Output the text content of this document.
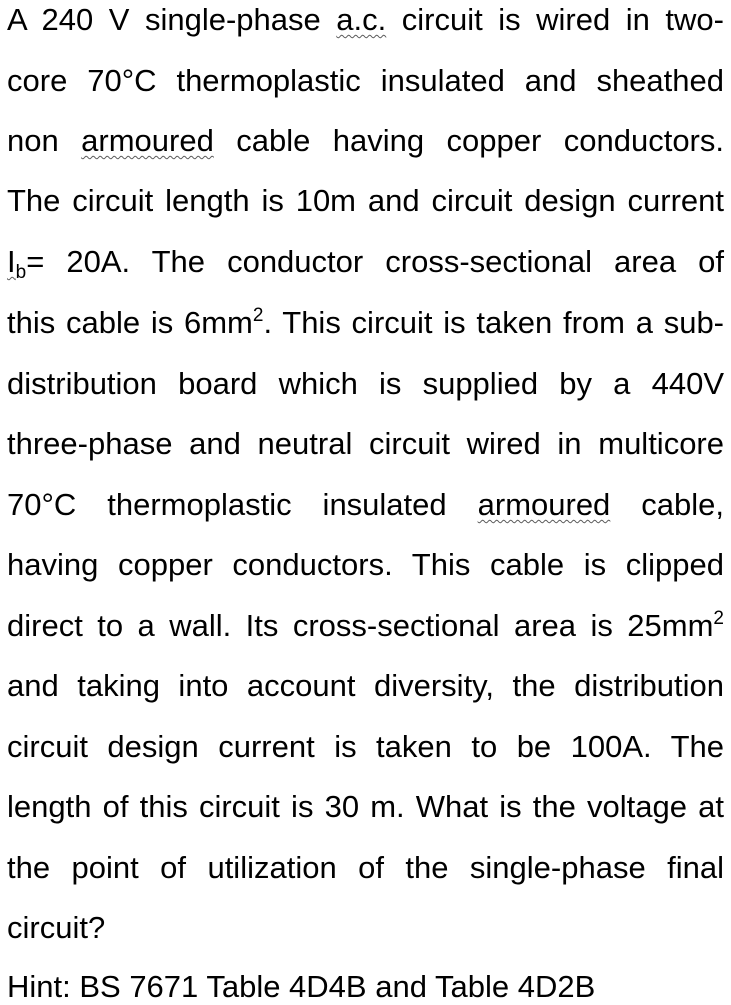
A 240 V single-phase a.c. circuit is wired in two-
core 70°C thermoplastic insulated and sheathed
non armoured cable having copper conductors.
The circuit length is 10m and circuit design current
$I_b= 20A$. The conductor cross-sectional area of
this cable is $6mm^2$. This circuit is taken from a sub-
distribution board which is supplied by a 440V
three-phase and neutral circuit wired in multicore
70°C thermoplastic insulated armoured cable,
having copper conductors. This cable is clipped
direct to a wall. Its cross-sectional area is $25mm^2$
and taking into account diversity, the distribution
circuit design current is taken to be 100A. The
length of this circuit is 30 m. What is the voltage at
the point of utilization of the single-phase final
circuit?
Hint: BS 7671 Table 4D4B and Table 4D2B
